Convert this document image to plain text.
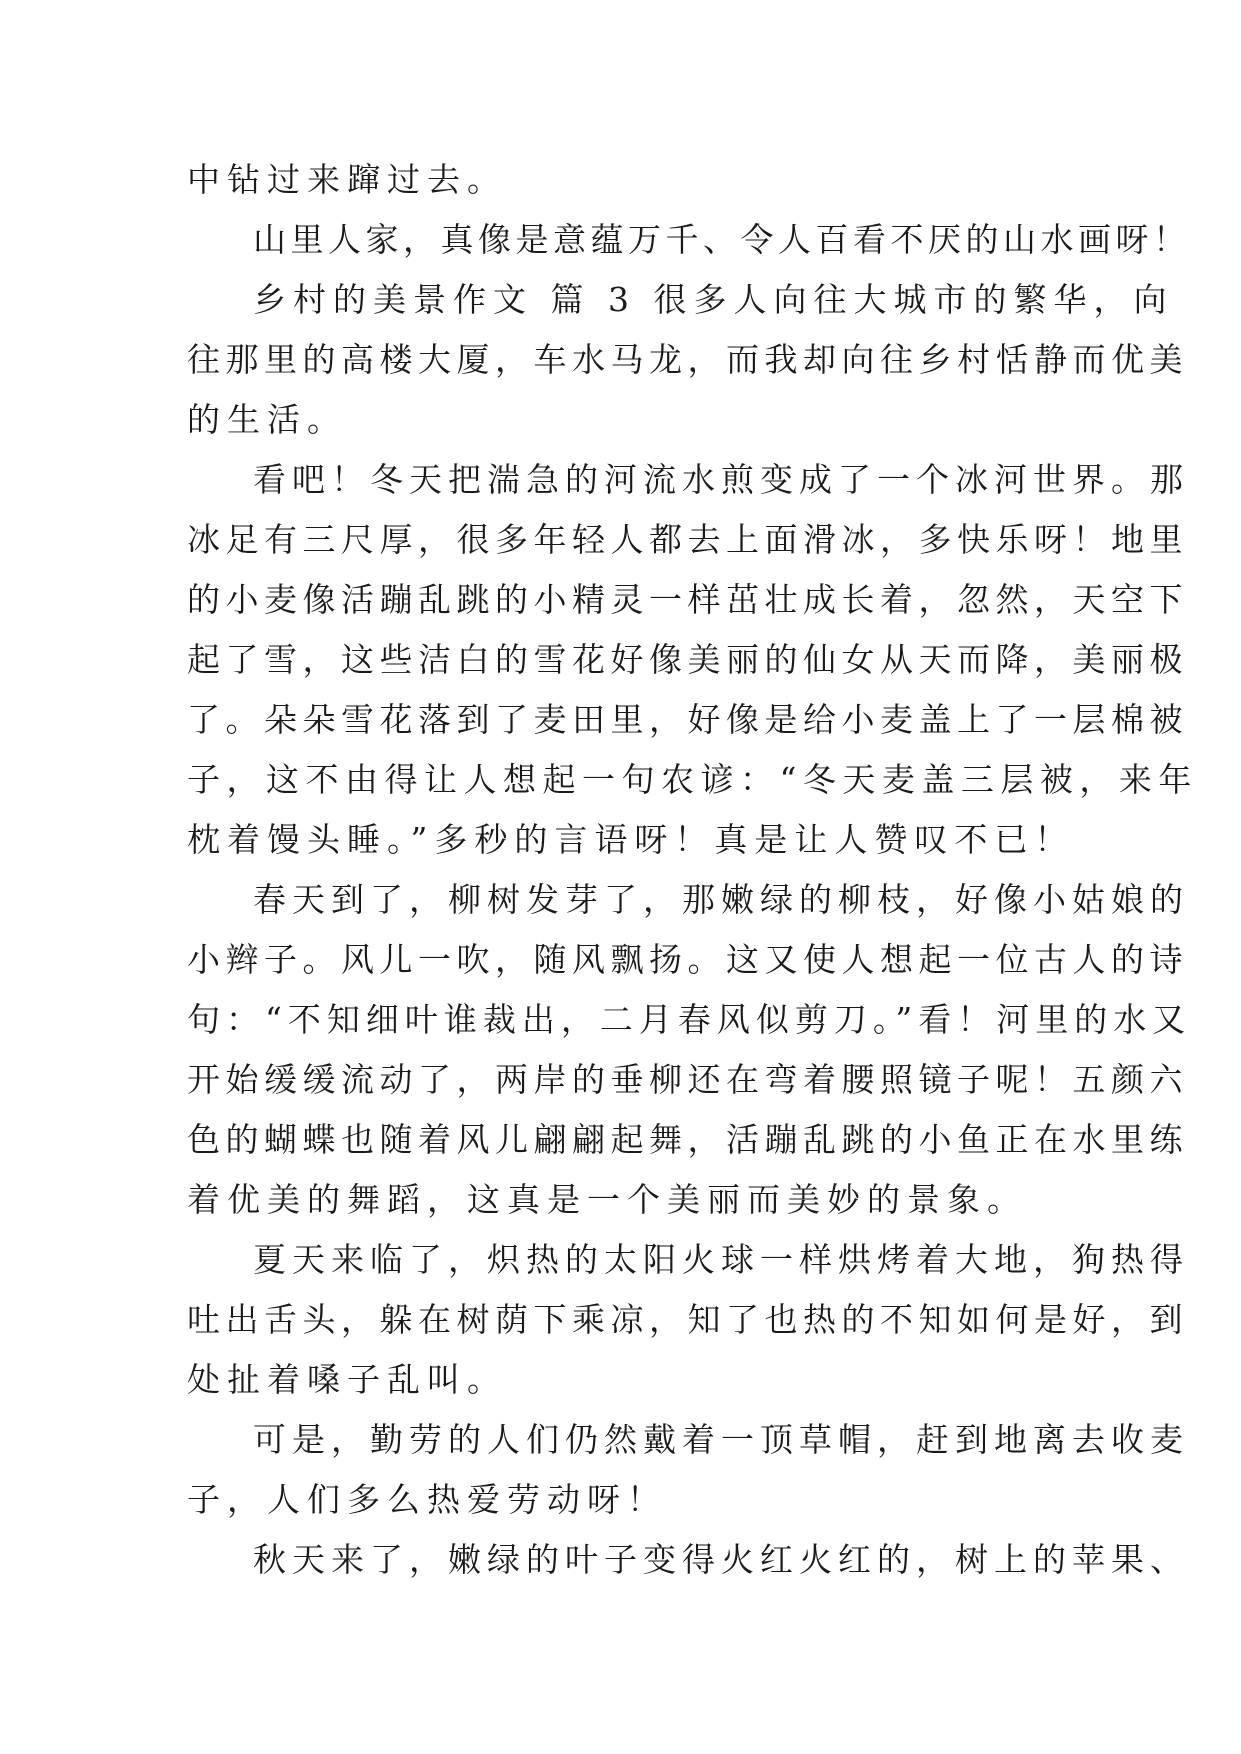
中钻过来蹿过去。
山里人家，真像是意蕴万千、令人百看不厌的山水画呀！
乡村的美景作文 篇 3 很多人向往大城市的繁华，向
往那里的高楼大厦，车水马龙，而我却向往乡村恬静而优美
的生活。
看吧！冬天把湍急的河流水煎变成了一个冰河世界。那
冰足有三尺厚，很多年轻人都去上面滑冰，多快乐呀！地里
的小麦像活蹦乱跳的小精灵一样茁壮成长着，忽然，天空下
起了雪，这些洁白的雪花好像美丽的仙女从天而降，美丽极
了。朵朵雪花落到了麦田里，好像是给小麦盖上了一层棉被
子，这不由得让人想起一句农谚：“冬天麦盖三层被，来年
枕着馒头睡。”多秒的言语呀！真是让人赞叹不已！
春天到了，柳树发芽了，那嫩绿的柳枝，好像小姑娘的
小辫子。风儿一吹，随风飘扬。这又使人想起一位古人的诗
句：“不知细叶谁裁出，二月春风似剪刀。”看！河里的水又
开始缓缓流动了，两岸的垂柳还在弯着腰照镜子呢！五颜六
色的蝴蝶也随着风儿翩翩起舞，活蹦乱跳的小鱼正在水里练
着优美的舞蹈，这真是一个美丽而美妙的景象。
夏天来临了，炽热的太阳火球一样烘烤着大地，狗热得
吐出舌头，躲在树荫下乘凉，知了也热的不知如何是好，到
处扯着嗓子乱叫。
可是，勤劳的人们仍然戴着一顶草帽，赶到地离去收麦
子，人们多么热爱劳动呀！
秋天来了，嫩绿的叶子变得火红火红的，树上的苹果、
